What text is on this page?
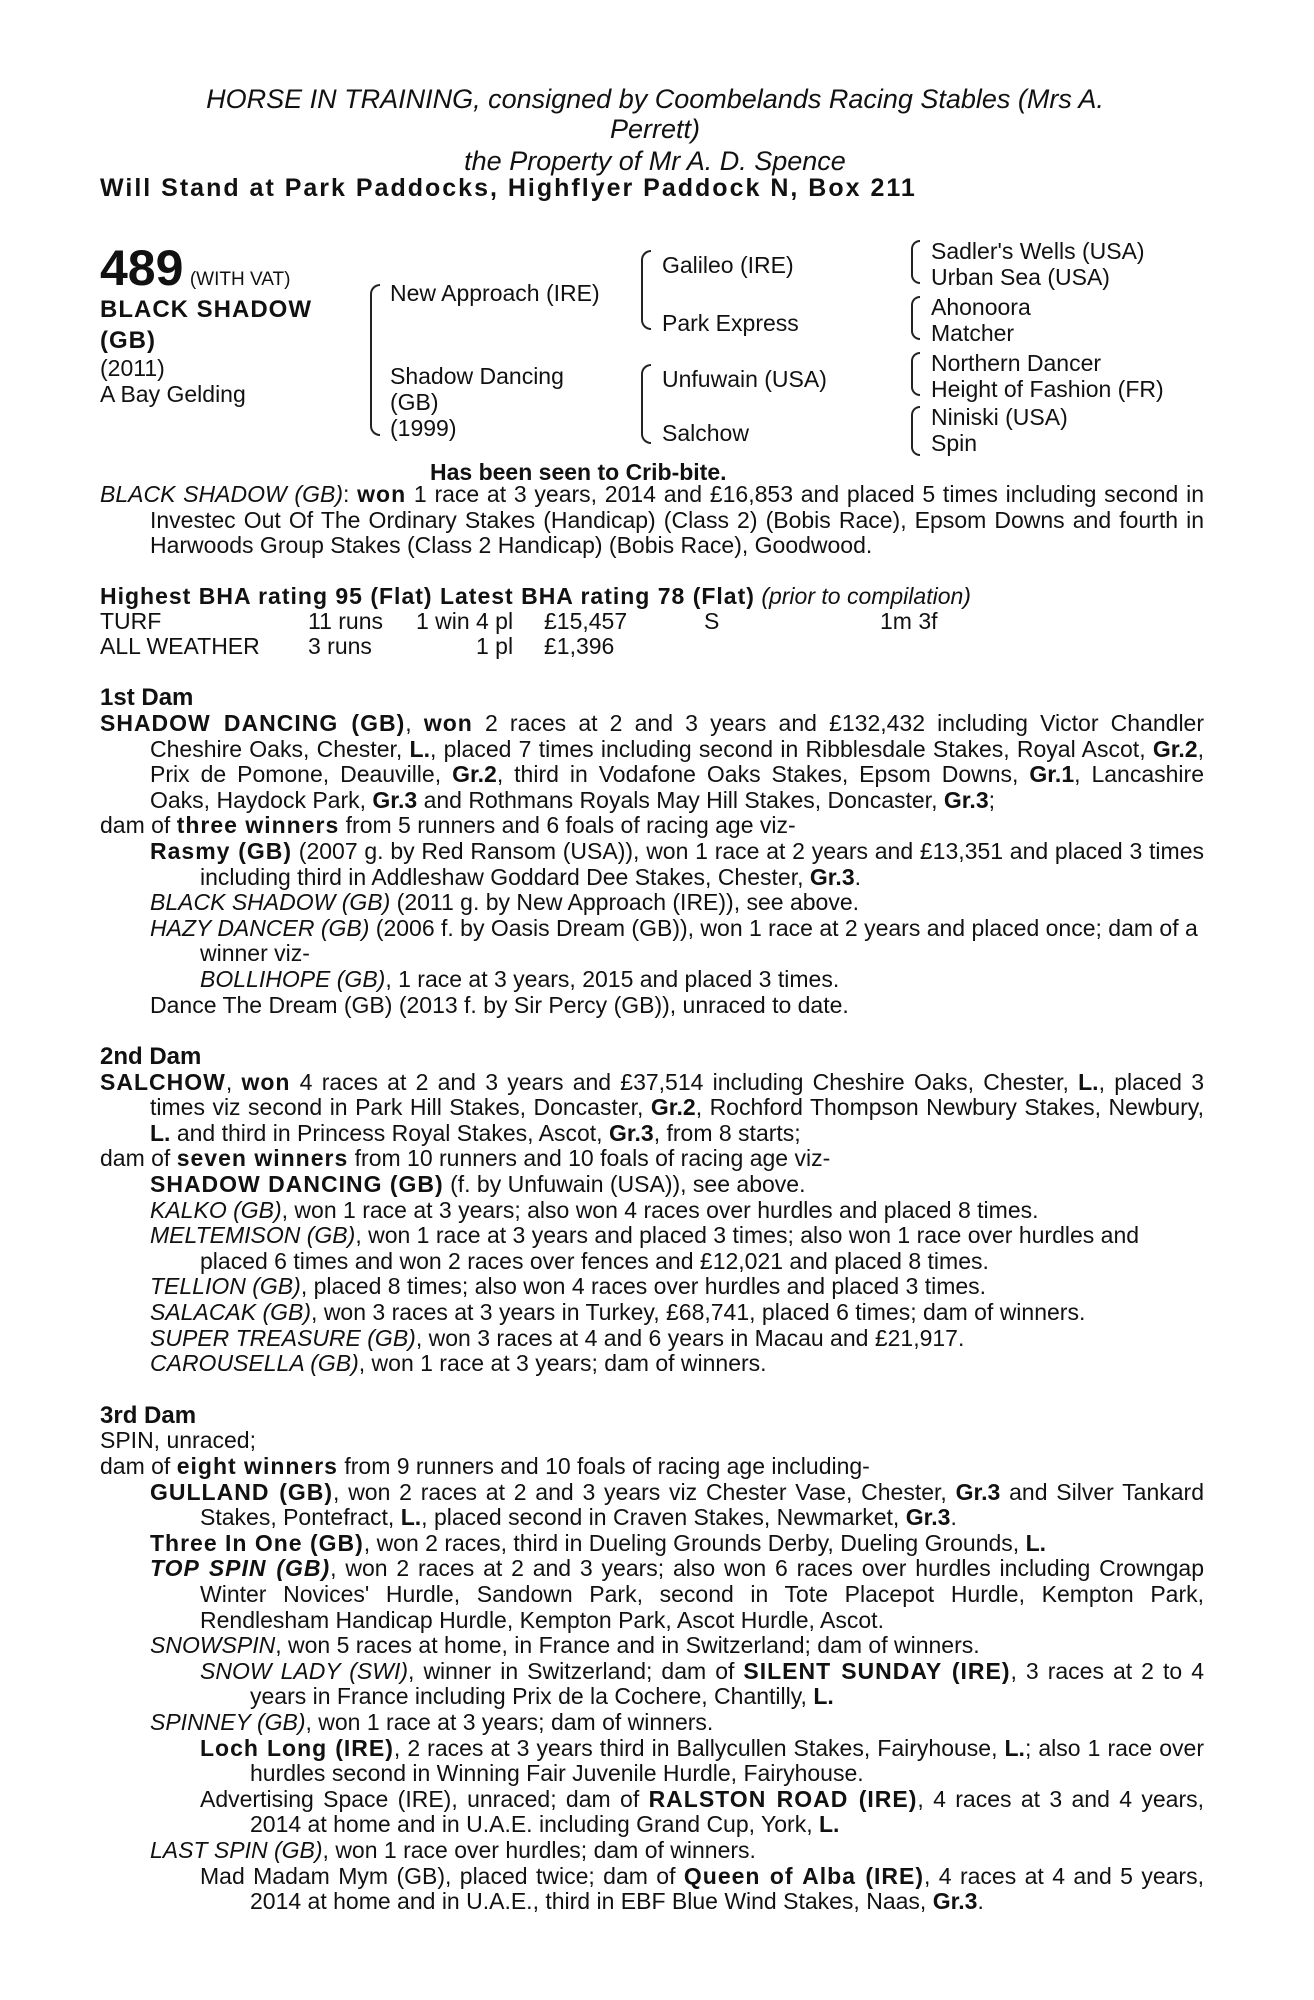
HORSE IN TRAINING, consigned by Coombelands Racing Stables (Mrs A.
Perrett)
the Property of Mr A. D. Spence
Will Stand at Park Paddocks, Highflyer Paddock N, Box 211
489 (WITH VAT)
BLACK SHADOW
(GB)
(2011)
A Bay Gelding
New Approach (IRE)
Shadow Dancing
(GB)
(1999)
Galileo (IRE)
Park Express
Unfuwain (USA)
Salchow
Sadler's Wells (USA)
Urban Sea (USA)
Ahonoora
Matcher
Northern Dancer
Height of Fashion (FR)
Niniski (USA)
Spin
Has been seen to Crib-bite.

BLACK SHADOW (GB): won 1 race at 3 years, 2014 and £16,853 and placed 5 times including second in Investec Out Of The Ordinary Stakes (Handicap) (Class 2) (Bobis Race), Epsom Downs and fourth in Harwoods Group Stakes (Class 2 Handicap) (Bobis Race), Goodwood.

Highest BHA rating 95 (Flat) Latest BHA rating 78 (Flat) (prior to compilation)

TURF	11 runs	1 win 4 pl	£15,457	S	1m 3f
ALL WEATHER	3 runs	1 pl	£1,396

1st Dam

SHADOW DANCING (GB), won 2 races at 2 and 3 years and £132,432 including Victor Chandler Cheshire Oaks, Chester, L., placed 7 times including second in Ribblesdale Stakes, Royal Ascot, Gr.2, Prix de Pomone, Deauville, Gr.2, third in Vodafone Oaks Stakes, Epsom Downs, Gr.1, Lancashire Oaks, Haydock Park, Gr.3 and Rothmans Royals May Hill Stakes, Doncaster, Gr.3;

dam of three winners from 5 runners and 6 foals of racing age viz-

Rasmy (GB) (2007 g. by Red Ransom (USA)), won 1 race at 2 years and £13,351 and placed 3 times including third in Addleshaw Goddard Dee Stakes, Chester, Gr.3.

BLACK SHADOW (GB) (2011 g. by New Approach (IRE)), see above.

HAZY DANCER (GB) (2006 f. by Oasis Dream (GB)), won 1 race at 2 years and placed once; dam of a winner viz-

BOLLIHOPE (GB), 1 race at 3 years, 2015 and placed 3 times.

Dance The Dream (GB) (2013 f. by Sir Percy (GB)), unraced to date.

2nd Dam

SALCHOW, won 4 races at 2 and 3 years and £37,514 including Cheshire Oaks, Chester, L., placed 3 times viz second in Park Hill Stakes, Doncaster, Gr.2, Rochford Thompson Newbury Stakes, Newbury, L. and third in Princess Royal Stakes, Ascot, Gr.3, from 8 starts;

dam of seven winners from 10 runners and 10 foals of racing age viz-

SHADOW DANCING (GB) (f. by Unfuwain (USA)), see above.

KALKO (GB), won 1 race at 3 years; also won 4 races over hurdles and placed 8 times.

MELTEMISON (GB), won 1 race at 3 years and placed 3 times; also won 1 race over hurdles and placed 6 times and won 2 races over fences and £12,021 and placed 8 times.

TELLION (GB), placed 8 times; also won 4 races over hurdles and placed 3 times.

SALACAK (GB), won 3 races at 3 years in Turkey, £68,741, placed 6 times; dam of winners.

SUPER TREASURE (GB), won 3 races at 4 and 6 years in Macau and £21,917.

CAROUSELLA (GB), won 1 race at 3 years; dam of winners.

3rd Dam

SPIN, unraced;

dam of eight winners from 9 runners and 10 foals of racing age including-

GULLAND (GB), won 2 races at 2 and 3 years viz Chester Vase, Chester, Gr.3 and Silver Tankard Stakes, Pontefract, L., placed second in Craven Stakes, Newmarket, Gr.3.

Three In One (GB), won 2 races, third in Dueling Grounds Derby, Dueling Grounds, L.

TOP SPIN (GB), won 2 races at 2 and 3 years; also won 6 races over hurdles including Crowngap Winter Novices' Hurdle, Sandown Park, second in Tote Placepot Hurdle, Kempton Park, Rendlesham Handicap Hurdle, Kempton Park, Ascot Hurdle, Ascot.

SNOWSPIN, won 5 races at home, in France and in Switzerland; dam of winners.

SNOW LADY (SWI), winner in Switzerland; dam of SILENT SUNDAY (IRE), 3 races at 2 to 4 years in France including Prix de la Cochere, Chantilly, L.

SPINNEY (GB), won 1 race at 3 years; dam of winners.

Loch Long (IRE), 2 races at 3 years third in Ballycullen Stakes, Fairyhouse, L.; also 1 race over hurdles second in Winning Fair Juvenile Hurdle, Fairyhouse.

Advertising Space (IRE), unraced; dam of RALSTON ROAD (IRE), 4 races at 3 and 4 years, 2014 at home and in U.A.E. including Grand Cup, York, L.

LAST SPIN (GB), won 1 race over hurdles; dam of winners.

Mad Madam Mym (GB), placed twice; dam of Queen of Alba (IRE), 4 races at 4 and 5 years, 2014 at home and in U.A.E., third in EBF Blue Wind Stakes, Naas, Gr.3.
